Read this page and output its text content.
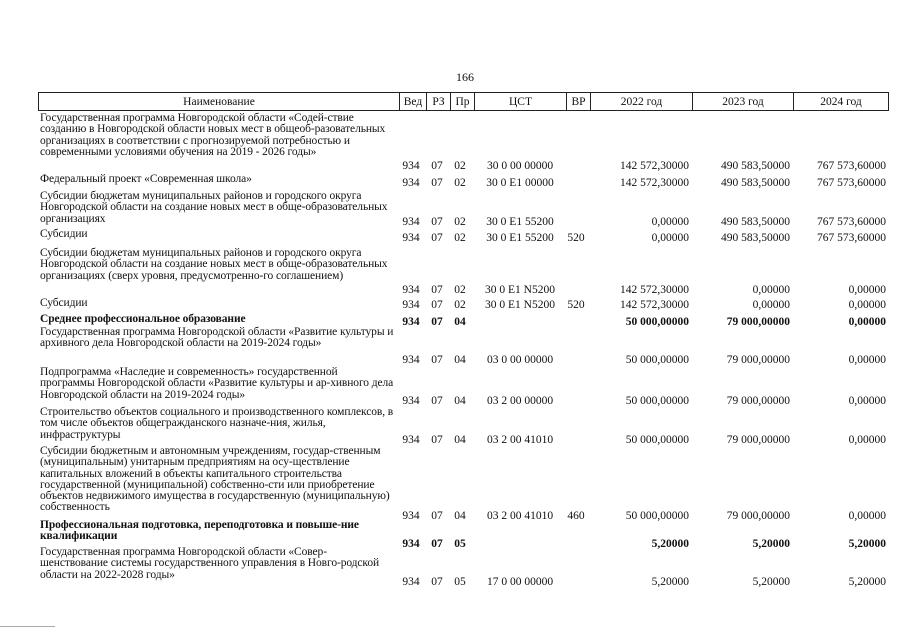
166
Наименование	Вед РЗ Пр	ЦСТ	ВР	2022 год	2023 год	2024 год
Государственная программа Новгородской области «Содей-ствие созданию в Новгородской области новых мест в общеоб-разовательных организациях в соответствии с прогнозируемой потребностью и современными условиями обучения на 2019 - 2026 годы»
934	07	02	30 0 00 00000	142 572,30000	490 583,50000	767 573,60000
Федеральный проект «Современная школа»	934	07	02	30 0 E1 00000	142 572,30000	490 583,50000	767 573,60000
Субсидии бюджетам муниципальных районов и городского округа Новгородской области на создание новых мест в обще-образовательных организациях	934	07	02	30 0 E1 55200	0,00000	490 583,50000	767 573,60000
Субсидии	934	07	02	30 0 E1 55200	520	0,00000	490 583,50000	767 573,60000
Субсидии бюджетам муниципальных районов и городского округа Новгородской области на создание новых мест в обще-образовательных организациях (сверх уровня, предусмотренно-го соглашением)
934	07	02	30 0 E1 N5200	142 572,30000	0,00000	0,00000
Субсидии	934	07	02	30 0 E1 N5200	520	142 572,30000	0,00000	0,00000
Среднее профессиональное образование	934	07	04	50 000,00000	79 000,00000	0,00000
Государственная программа Новгородской области «Развитие культуры и архивного дела Новгородской области на 2019-2024 годы»
934	07	04	03 0 00 00000	50 000,00000	79 000,00000	0,00000
Подпрограмма «Наследие и современность» государственной программы Новгородской области «Развитие культуры и ар-хивного дела Новгородской области на 2019-2024 годы»
934	07	04	03 2 00 00000	50 000,00000	79 000,00000	0,00000
Строительство объектов социального и производственного комплексов, в том числе объектов общегражданского назначе-ния, жилья, инфраструктуры	934	07	04	03 2 00 41010	50 000,00000	79 000,00000	0,00000
Субсидии бюджетным и автономным учреждениям, государ-ственным (муниципальным) унитарным предприятиям на осу-ществление капитальных вложений в объекты капитального строительства государственной (муниципальной) собственно-сти или приобретение объектов недвижимого имущества в государственную (муниципальную) собственность
934	07	04	03 2 00 41010	460	50 000,00000	79 000,00000	0,00000
Профессиональная подготовка, переподготовка и повыше-ние квалификации
934	07	05	5,20000	5,20000	5,20000
Государственная программа Новгородской области «Совер-шенствование системы государственного управления в Новго-родской области на 2022-2028 годы»
934	07	05	17 0 00 00000	5,20000	5,20000	5,20000
